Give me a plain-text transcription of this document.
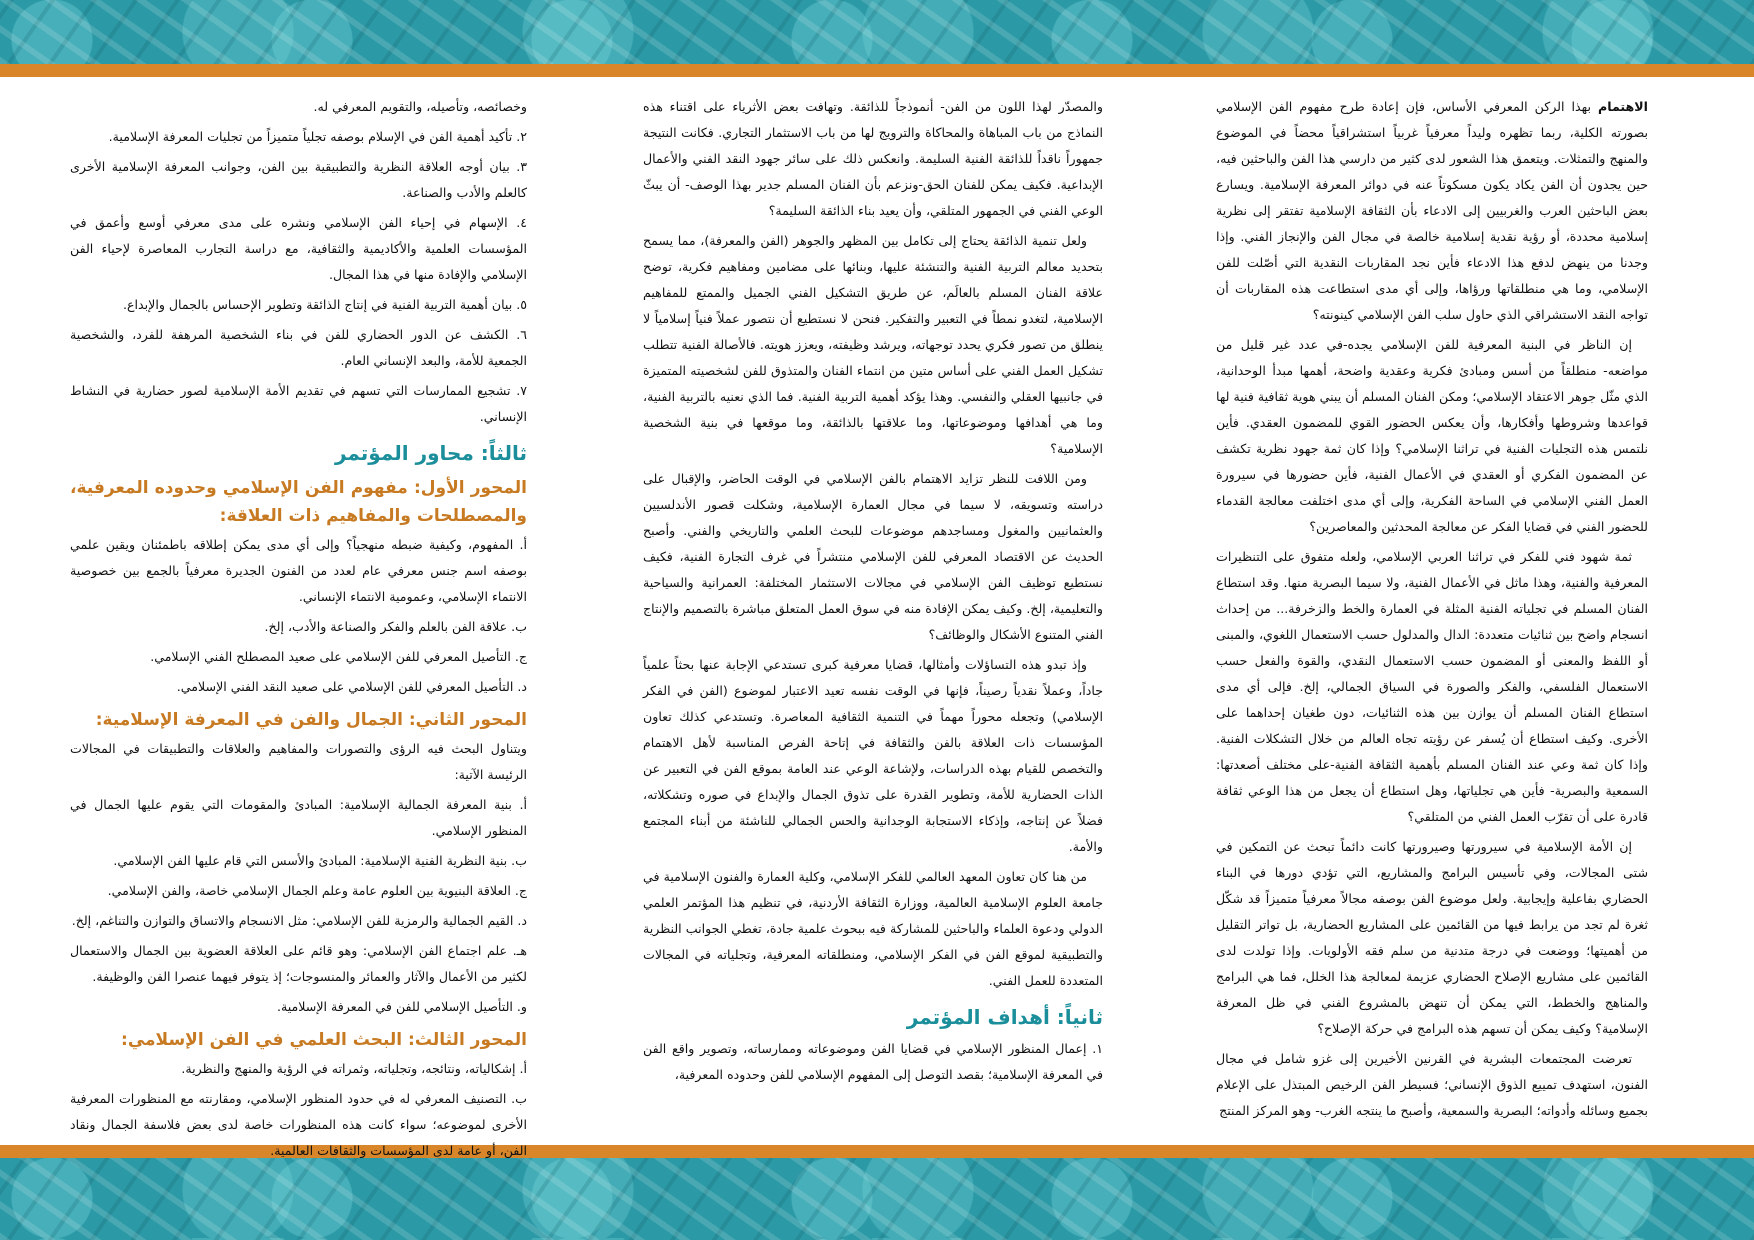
الاهتمام بهذا الركن المعرفي الأساس، فإن إعادة طرح مفهوم الفن الإسلامي بصورته الكلية، ربما تظهره وليداً معرفياً غربياً استشراقياً محضاً في الموضوع والمنهج والتمثلات. ويتعمق هذا الشعور لدى كثير من دارسي هذا الفن والباحثين فيه، حين يجدون أن الفن يكاد يكون مسكوتاً عنه في دوائر المعرفة الإسلامية. ويسارع بعض الباحثين العرب والغربيين إلى الادعاء بأن الثقافة الإسلامية تفتقر إلى نظرية إسلامية محددة، أو رؤية نقدية إسلامية خالصة في مجال الفن والإنجاز الفني. وإذا وجدنا من ينهض لدفع هذا الادعاء فأين نجد المقاربات النقدية التي أصّلت للفن الإسلامي، وما هي منطلقاتها ورؤاها، وإلى أي مدى استطاعت هذه المقاربات أن تواجه النقد الاستشراقي الذي حاول سلب الفن الإسلامي كينونته؟

إن الناظر في البنية المعرفية للفن الإسلامي يجده-في عدد غير قليل من مواضعه- منطلقاً من أسس ومبادئ فكرية وعقدية واضحة، أهمها مبدأ الوحدانية، الذي مثّل جوهر الاعتقاد الإسلامي؛ ومكن الفنان المسلم أن يبني هوية ثقافية فنية لها قواعدها وشروطها وأفكارها، وأن يعكس الحضور القوي للمضمون العقدي. فأين نلتمس هذه التجليات الفنية في تراثنا الإسلامي؟ وإذا كان ثمة جهود نظرية تكشف عن المضمون الفكري أو العقدي في الأعمال الفنية، فأين حضورها في سيرورة العمل الفني الإسلامي في الساحة الفكرية، وإلى أي مدى اختلفت معالجة القدماء للحضور الفني في قضايا الفكر عن معالجة المحدثين والمعاصرين؟

ثمة شهود فني للفكر في تراثنا العربي الإسلامي، ولعله متفوق على التنظيرات المعرفية والفنية، وهذا ماثل في الأعمال الفنية، ولا سيما البصرية منها. وقد استطاع الفنان المسلم في تجلياته الفنية المثلة في العمارة والخط والزخرفة... من إحداث انسجام واضح بين ثنائيات متعددة: الدال والمدلول حسب الاستعمال اللغوي، والمبنى أو اللفظ والمعنى أو المضمون حسب الاستعمال النقدي، والقوة والفعل حسب الاستعمال الفلسفي، والفكر والصورة في السياق الجمالي، إلخ. فإلى أي مدى استطاع الفنان المسلم أن يوازن بين هذه الثنائيات، دون طغيان إحداهما على الأخرى. وكيف استطاع أن يُسفر عن رؤيته تجاه العالم من خلال التشكلات الفنية. وإذا كان ثمة وعي عند الفنان المسلم بأهمية الثقافة الفنية-على مختلف أصعدتها: السمعية والبصرية- فأين هي تجلياتها، وهل استطاع أن يجعل من هذا الوعي ثقافة قادرة على أن تقرّب العمل الفني من المتلقي؟

إن الأمة الإسلامية في سيرورتها وصيرورتها كانت دائماً تبحث عن التمكين في شتى المجالات، وفي تأسيس البرامج والمشاريع، التي تؤدي دورها في البناء الحضاري بفاعلية وإيجابية. ولعل موضوع الفن بوصفه مجالاً معرفياً متميزاً قد شكّل ثغرة لم تجد من يرابط فيها من القائمين على المشاريع الحضارية، بل تواتر التقليل من أهميتها؛ ووضعت في درجة متدنية من سلم فقه الأولويات. وإذا تولدت لدى القائمين على مشاريع الإصلاح الحضاري عزيمة لمعالجة هذا الخلل، فما هي البرامج والمناهج والخطط، التي يمكن أن تنهض بالمشروع الفني في ظل المعرفة الإسلامية؟ وكيف يمكن أن تسهم هذه البرامج في حركة الإصلاح؟

تعرضت المجتمعات البشرية في القرنين الأخيرين إلى غزو شامل في مجال الفنون، استهدف تمييع الذوق الإنساني؛ فسيطر الفن الرخيص المبتذل على الإعلام بجميع وسائله وأدواته؛ البصرية والسمعية، وأصبح ما ينتجه الغرب- وهو المركز المنتج

والمصدّر لهذا اللون من الفن- أنموذجاً للذائقة. وتهافت بعض الأثرياء على اقتناء هذه النماذج من باب المباهاة والمحاكاة والترويج لها من باب الاستثمار التجاري. فكانت النتيجة جمهوراً ناقداً للذائقة الفنية السليمة. وانعكس ذلك على سائر جهود النقد الفني والأعمال الإبداعية. فكيف يمكن للفنان الحق-ونزعم بأن الفنان المسلم جدير بهذا الوصف- أن يبثّ الوعي الفني في الجمهور المتلقي، وأن يعيد بناء الذائقة السليمة؟

ولعل تنمية الذائقة يحتاج إلى تكامل بين المظهر والجوهر (الفن والمعرفة)، مما يسمح بتحديد معالم التربية الفنية والتنشئة عليها، وبنائها على مضامين ومفاهيم فكرية، توضح علاقة الفنان المسلم بالعالَم، عن طريق التشكيل الفني الجميل والممتع للمفاهيم الإسلامية، لتغدو نمطاً في التعبير والتفكير. فنحن لا نستطيع أن نتصور عملاً فنياً إسلامياً لا ينطلق من تصور فكري يحدد توجهاته، ويرشد وظيفته، ويعزز هويته. فالأصالة الفنية تتطلب تشكيل العمل الفني على أساس متين من انتماء الفنان والمتذوق للفن لشخصيته المتميزة في جانبيها العقلي والنفسي. وهذا يؤكد أهمية التربية الفنية. فما الذي نعنيه بالتربية الفنية، وما هي أهدافها وموضوعاتها، وما علاقتها بالذائقة، وما موقعها في بنية الشخصية الإسلامية؟

ومن اللافت للنظر تزايد الاهتمام بالفن الإسلامي في الوقت الحاضر، والإقبال على دراسته وتسويقه، لا سيما في مجال العمارة الإسلامية، وشكلت قصور الأندلسيين والعثمانيين والمغول ومساجدهم موضوعات للبحث العلمي والتاريخي والفني. وأصبح الحديث عن الاقتصاد المعرفي للفن الإسلامي منتشراً في غرف التجارة الفنية، فكيف نستطيع توظيف الفن الإسلامي في مجالات الاستثمار المختلفة: العمرانية والسياحية والتعليمية، إلخ. وكيف يمكن الإفادة منه في سوق العمل المتعلق مباشرة بالتصميم والإنتاج الفني المتنوع الأشكال والوظائف؟

وإذ تبدو هذه التساؤلات وأمثالها، قضايا معرفية كبرى تستدعي الإجابة عنها بحثاً علمياً جاداً، وعملاً نقدياً رصيناً، فإنها في الوقت نفسه تعيد الاعتبار لموضوع (الفن في الفكر الإسلامي) وتجعله محوراً مهماً في التنمية الثقافية المعاصرة. وتستدعي كذلك تعاون المؤسسات ذات العلاقة بالفن والثقافة في إتاحة الفرص المناسبة لأهل الاهتمام والتخصص للقيام بهذه الدراسات، ولإشاعة الوعي عند العامة بموقع الفن في التعبير عن الذات الحضارية للأمة، وتطوير القدرة على تذوق الجمال والإبداع في صوره وتشكلاته، فضلاً عن إنتاجه، وإذكاء الاستجابة الوجدانية والحس الجمالي للناشئة من أبناء المجتمع والأمة.

من هنا كان تعاون المعهد العالمي للفكر الإسلامي، وكلية العمارة والفنون الإسلامية في جامعة العلوم الإسلامية العالمية، ووزارة الثقافة الأردنية، في تنظيم هذا المؤتمر العلمي الدولي ودعوة العلماء والباحثين للمشاركة فيه ببحوث علمية جادة، تغطي الجوانب النظرية والتطبيقية لموقع الفن في الفكر الإسلامي، ومنطلقاته المعرفية، وتجلياته في المجالات المتعددة للعمل الفني.

ثانياً: أهداف المؤتمر

١. إعمال المنظور الإسلامي في قضايا الفن وموضوعاته وممارساته، وتصوير واقع الفن في المعرفة الإسلامية؛ بقصد التوصل إلى المفهوم الإسلامي للفن وحدوده المعرفية،

وخصائصه، وتأصيله، والتقويم المعرفي له.

٢. تأكيد أهمية الفن في الإسلام بوصفه تجلياً متميزاً من تجليات المعرفة الإسلامية.

٣. بيان أوجه العلاقة النظرية والتطبيقية بين الفن، وجوانب المعرفة الإسلامية الأخرى كالعلم والأدب والصناعة.

٤. الإسهام في إحياء الفن الإسلامي ونشره على مدى معرفي أوسع وأعمق في المؤسسات العلمية والأكاديمية والثقافية، مع دراسة التجارب المعاصرة لإحياء الفن الإسلامي والإفادة منها في هذا المجال.

٥. بيان أهمية التربية الفنية في إنتاج الذائقة وتطوير الإحساس بالجمال والإبداع.

٦. الكشف عن الدور الحضاري للفن في بناء الشخصية المرهفة للفرد، والشخصية الجمعية للأمة، والبعد الإنساني العام.

٧. تشجيع الممارسات التي تسهم في تقديم الأمة الإسلامية لصور حضارية في النشاط الإنساني.

ثالثاً: محاور المؤتمر
المحور الأول: مفهوم الفن الإسلامي وحدوده المعرفية، والمصطلحات والمفاهيم ذات العلاقة:

أ. المفهوم، وكيفية ضبطه منهجياً؟ وإلى أي مدى يمكن إطلاقه باطمئنان ويقين علمي بوصفه اسم جنس معرفي عام لعدد من الفنون الجديرة معرفياً بالجمع بين خصوصية الانتماء الإسلامي، وعمومية الانتماء الإنساني.

ب. علاقة الفن بالعلم والفكر والصناعة والأدب، إلخ.

ج. التأصيل المعرفي للفن الإسلامي على صعيد المصطلح الفني الإسلامي.

د. التأصيل المعرفي للفن الإسلامي على صعيد النقد الفني الإسلامي.

المحور الثاني: الجمال والفن في المعرفة الإسلامية:

ويتناول البحث فيه الرؤى والتصورات والمفاهيم والعلاقات والتطبيقات في المجالات الرئيسة الآتية:

أ. بنية المعرفة الجمالية الإسلامية: المبادئ والمقومات التي يقوم عليها الجمال في المنظور الإسلامي.

ب. بنية النظرية الفنية الإسلامية: المبادئ والأسس التي قام عليها الفن الإسلامي.

ج. العلاقة البنيوية بين العلوم عامة وعلم الجمال الإسلامي خاصة، والفن الإسلامي.

د. القيم الجمالية والرمزية للفن الإسلامي: مثل الانسجام والاتساق والتوازن والتناغم، إلخ.

هـ. علم اجتماع الفن الإسلامي: وهو قائم على العلاقة العضوية بين الجمال والاستعمال لكثير من الأعمال والآثار والعمائر والمنسوجات؛ إذ يتوفر فيهما عنصرا الفن والوظيفة.

و. التأصيل الإسلامي للفن في المعرفة الإسلامية.

المحور الثالث: البحث العلمي في الفن الإسلامي:

أ. إشكالياته، ونتائجه، وتجلياته، وثمراته في الرؤية والمنهج والنظرية.

ب. التصنيف المعرفي له في حدود المنظور الإسلامي، ومقارنته مع المنظورات المعرفية الأخرى لموضوعه؛ سواء كانت هذه المنظورات خاصة لدى بعض فلاسفة الجمال ونقاد الفن، أو عامة لدى المؤسسات والثقافات العالمية.
